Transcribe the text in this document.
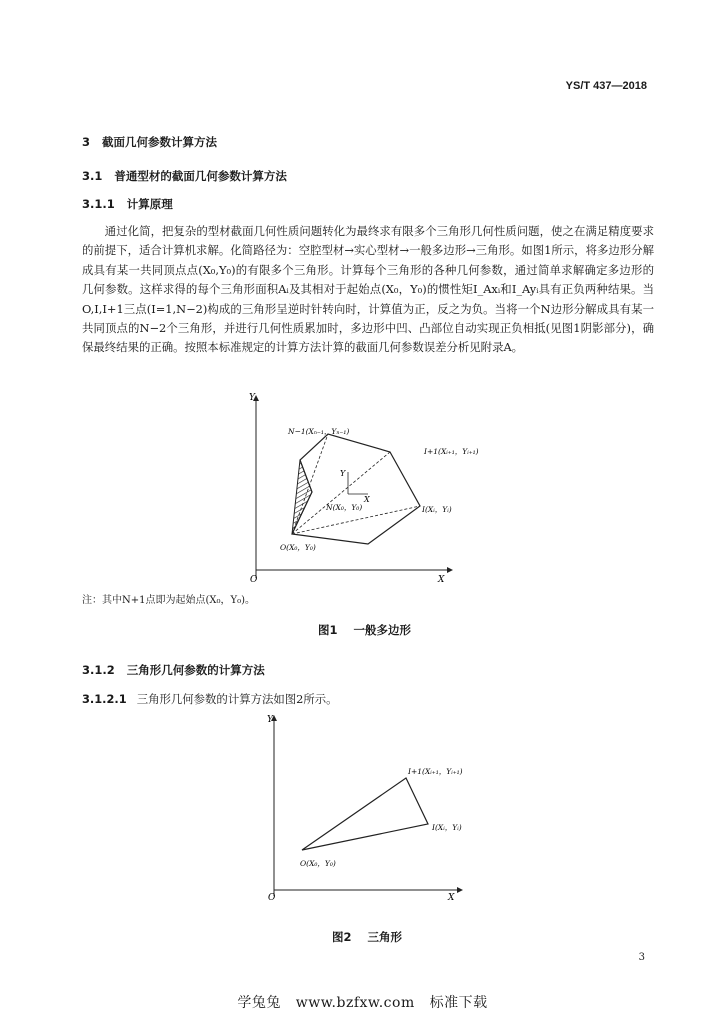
YS/T 437—2018
3 截面几何参数计算方法
3.1 普通型材的截面几何参数计算方法
3.1.1 计算原理

通过化简，把复杂的型材截面几何性质问题转化为最终求有限多个三角形几何性质问题，使之在满足精度要求的前提下，适合计算机求解。化简路径为：空腔型材→实心型材→一般多边形→三角形。如图1所示，将多边形分解成具有某一共同顶点点(X₀,Y₀)的有限多个三角形。计算每个三角形的各种几何参数，通过简单求解确定多边形的几何参数。这样求得的每个三角形面积Aᵢ及其相对于起始点(X₀，Y₀)的惯性矩I_Axᵢ和I_Ayᵢ具有正负两种结果。当O,I,I+1三点(I=1,N−2)构成的三角形呈逆时针转向时，计算值为正，反之为负。当将一个N边形分解成具有某一共同顶点的N−2个三角形，并进行几何性质累加时，多边形中凹、凸部位自动实现正负相抵(见图1阴影部分)，确保最终结果的正确。按照本标准规定的计算方法计算的截面几何参数误差分析见附录A。

Y
X
O
Y
X
N−1(Xₙ₋₁，Yₙ₋₁)
I+1(Xᵢ₊₁，Yᵢ₊₁)
I(Xᵢ，Yᵢ)
N(X₀，Y₀)
O(X₀，Y₀)
注：其中N+1点即为起始点(X₀，Y₀)。
图1 一般多边形
3.1.2 三角形几何参数的计算方法
3.1.2.1 三角形几何参数的计算方法如图2所示。
Y
X
O
I+1(Xᵢ₊₁，Yᵢ₊₁)
I(Xᵢ，Yᵢ)
O(X₀，Y₀)
图2 三角形
3
学兔兔   www.bzfxw.com   标准下载
